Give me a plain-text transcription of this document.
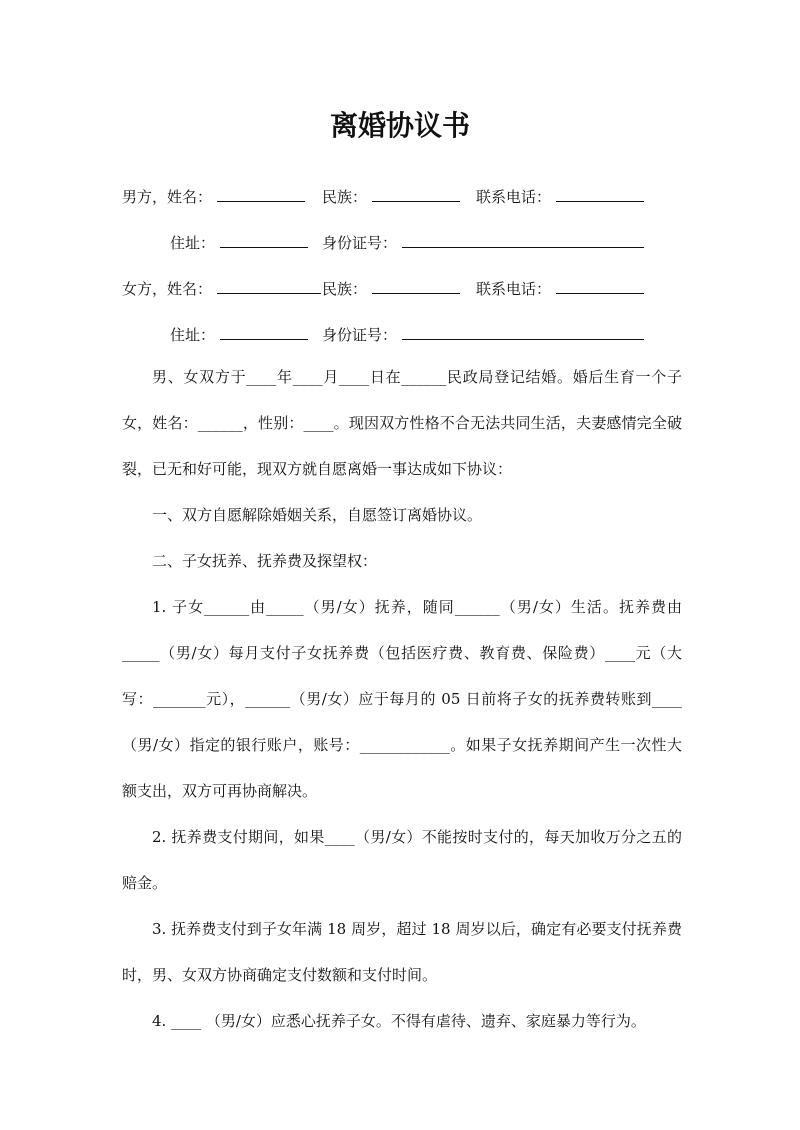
离婚协议书
男方，姓名：	民族：	联系电话：
住址：	身份证号：
女方，姓名：	民族：	联系电话：
住址：	身份证号：

男、女双方于____年____月____日在______民政局登记结婚。婚后生育一个子女，姓名：______，性别：____。现因双方性格不合无法共同生活，夫妻感情完全破裂，已无和好可能，现双方就自愿离婚一事达成如下协议：

一、双方自愿解除婚姻关系，自愿签订离婚协议。

二、子女抚养、抚养费及探望权：

1. 子女______由_____（男/女）抚养，随同______（男/女）生活。抚养费由_____（男/女）每月支付子女抚养费（包括医疗费、教育费、保险费）____元（大写：_______元），______（男/女）应于每月的 05 日前将子女的抚养费转账到____（男/女）指定的银行账户，账号：____________。如果子女抚养期间产生一次性大额支出，双方可再协商解决。

2. 抚养费支付期间，如果____（男/女）不能按时支付的，每天加收万分之五的赔金。

3. 抚养费支付到子女年满 18 周岁，超过 18 周岁以后，确定有必要支付抚养费时，男、女双方协商确定支付数额和支付时间。

4. ____ （男/女）应悉心抚养子女。不得有虐待、遗弃、家庭暴力等行为。
